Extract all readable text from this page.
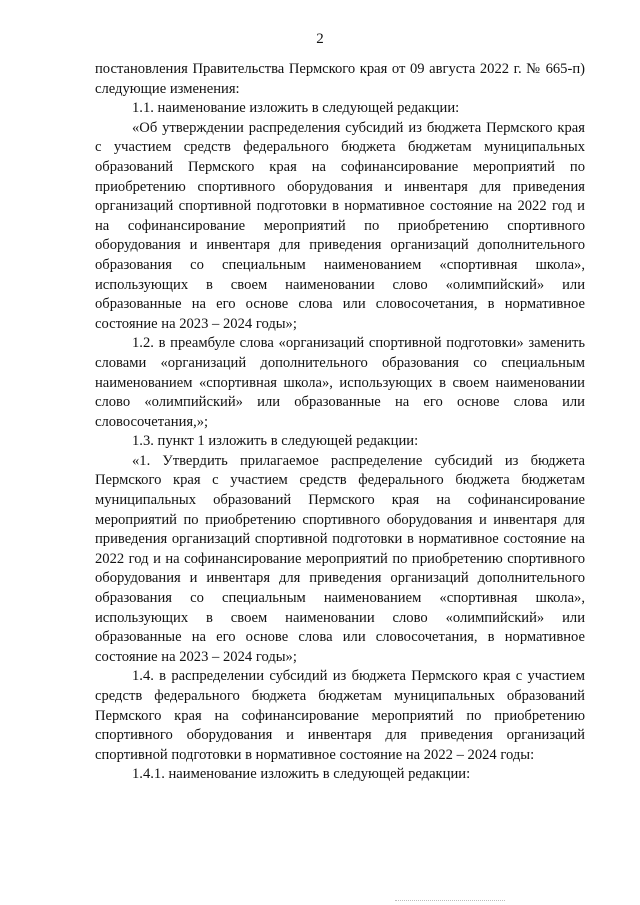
2

постановления Правительства Пермского края от 09 августа 2022 г. № 665-п) следующие изменения:

1.1. наименование изложить в следующей редакции:

«Об утверждении распределения субсидий из бюджета Пермского края с участием средств федерального бюджета бюджетам муниципальных образований Пермского края на софинансирование мероприятий по приобретению спортивного оборудования и инвентаря для приведения организаций спортивной подготовки в нормативное состояние на 2022 год и на софинансирование мероприятий по приобретению спортивного оборудования и инвентаря для приведения организаций дополнительного образования со специальным наименованием «спортивная школа», использующих в своем наименовании слово «олимпийский» или образованные на его основе слова или словосочетания, в нормативное состояние на 2023 – 2024 годы»;

1.2. в преамбуле слова «организаций спортивной подготовки» заменить словами «организаций дополнительного образования со специальным наименованием «спортивная школа», использующих в своем наименовании слово «олимпийский» или образованные на его основе слова или словосочетания,»;

1.3. пункт 1 изложить в следующей редакции:

«1. Утвердить прилагаемое распределение субсидий из бюджета Пермского края с участием средств федерального бюджета бюджетам муниципальных образований Пермского края на софинансирование мероприятий по приобретению спортивного оборудования и инвентаря для приведения организаций спортивной подготовки в нормативное состояние на 2022 год и на софинансирование мероприятий по приобретению спортивного оборудования и инвентаря для приведения организаций дополнительного образования со специальным наименованием «спортивная школа», использующих в своем наименовании слово «олимпийский» или образованные на его основе слова или словосочетания, в нормативное состояние на 2023 – 2024 годы»;

1.4. в распределении субсидий из бюджета Пермского края с участием средств федерального бюджета бюджетам муниципальных образований Пермского края на софинансирование мероприятий по приобретению спортивного оборудования и инвентаря для приведения организаций спортивной подготовки в нормативное состояние на 2022 – 2024 годы:

1.4.1. наименование изложить в следующей редакции:
